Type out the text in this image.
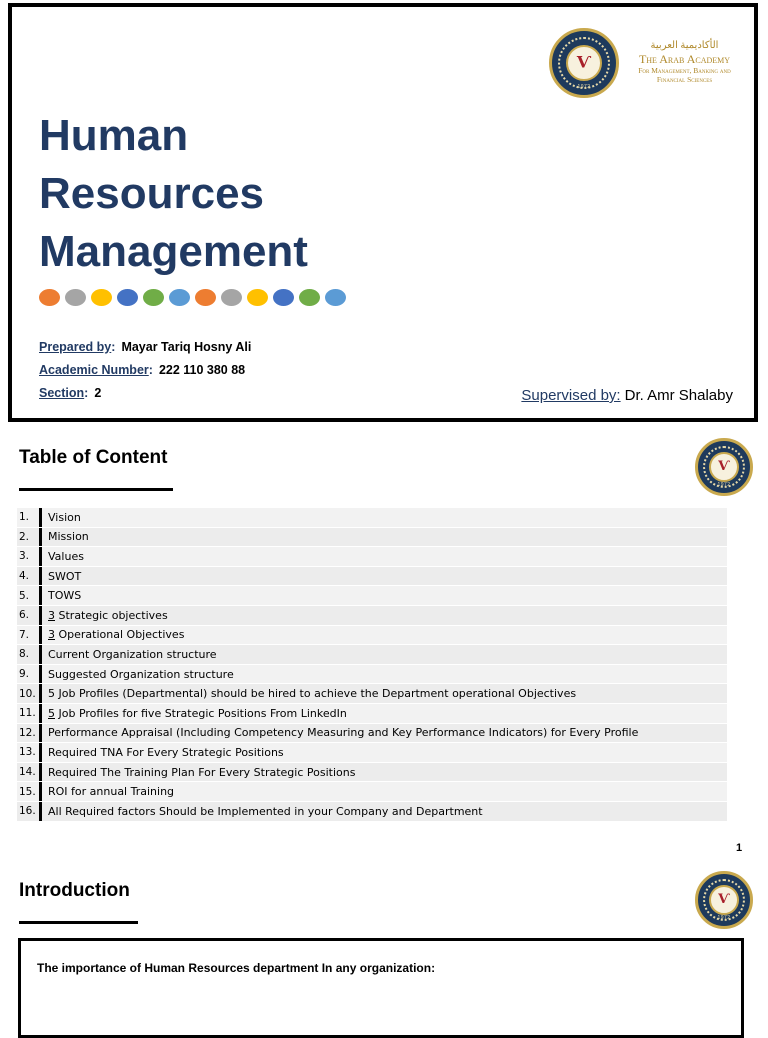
Ѵ
1972
الأكاديمية العربية
The Arab Academy
For Management, Banking and
Financial Sciences
Human
Resources
Management
Prepared by: Mayar Tariq Hosny Ali
Academic Number: 222 110 380 88
Section: 2	Supervised by: Dr. Amr Shalaby
Table of Content	Ѵ
1972
1.	Vision
2.	Mission
3.	Values
4.	SWOT
5.	TOWS
6.	3 Strategic objectives
7.	3 Operational Objectives
8.	Current Organization structure
9.	Suggested Organization structure
10.	5 Job Profiles (Departmental) should be hired to achieve the Department operational Objectives
11.	5 Job Profiles for five Strategic Positions From LinkedIn
12.	Performance Appraisal (Including Competency Measuring and Key Performance Indicators) for Every Profile
13.	Required TNA For Every Strategic Positions
14.	Required The Training Plan For Every Strategic Positions
15.	ROI for annual Training
16.	All Required factors Should be Implemented in your Company and Department
1
Introduction	Ѵ
1972

The importance of Human Resources department In any organization:
